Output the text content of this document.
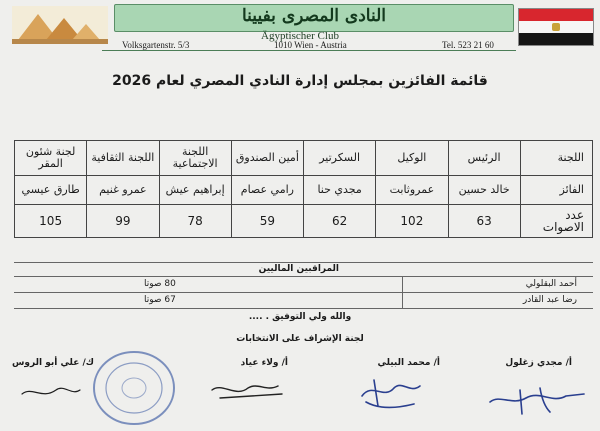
النادى المصرى بفيينا
Ägyptischer Club
Volksgartenstr. 5/3	1010 Wien - Austria	Tel. 523 21 60
قائمة الفائزين بمجلس إدارة النادي المصري لعام 2026
اللجنة	الرئيس	الوكيل	السكرتير	أمين الصندوق	اللجنة الاجتماعية	اللجنة الثقافية	لجنة شئون المقر
الفائز	خالد حسين	عمروثابت	مجدي حنا	رامي عصام	إبراهيم عيش	عمرو غنيم	طارق عيسي
عدد الاصوات	63	102	62	59	78	99	105
المراقبين الماليين
أحمد البقلولي
80 صوتا
رضا عبد القادر
67 صوتا
والله ولي التوفيق . ....
لجنة الإشراف على الانتخابات
أ/ مجدي زغلول
أ/ محمد البيلي
أ/ ولاء عياد
ك/ علي أبو الروس
